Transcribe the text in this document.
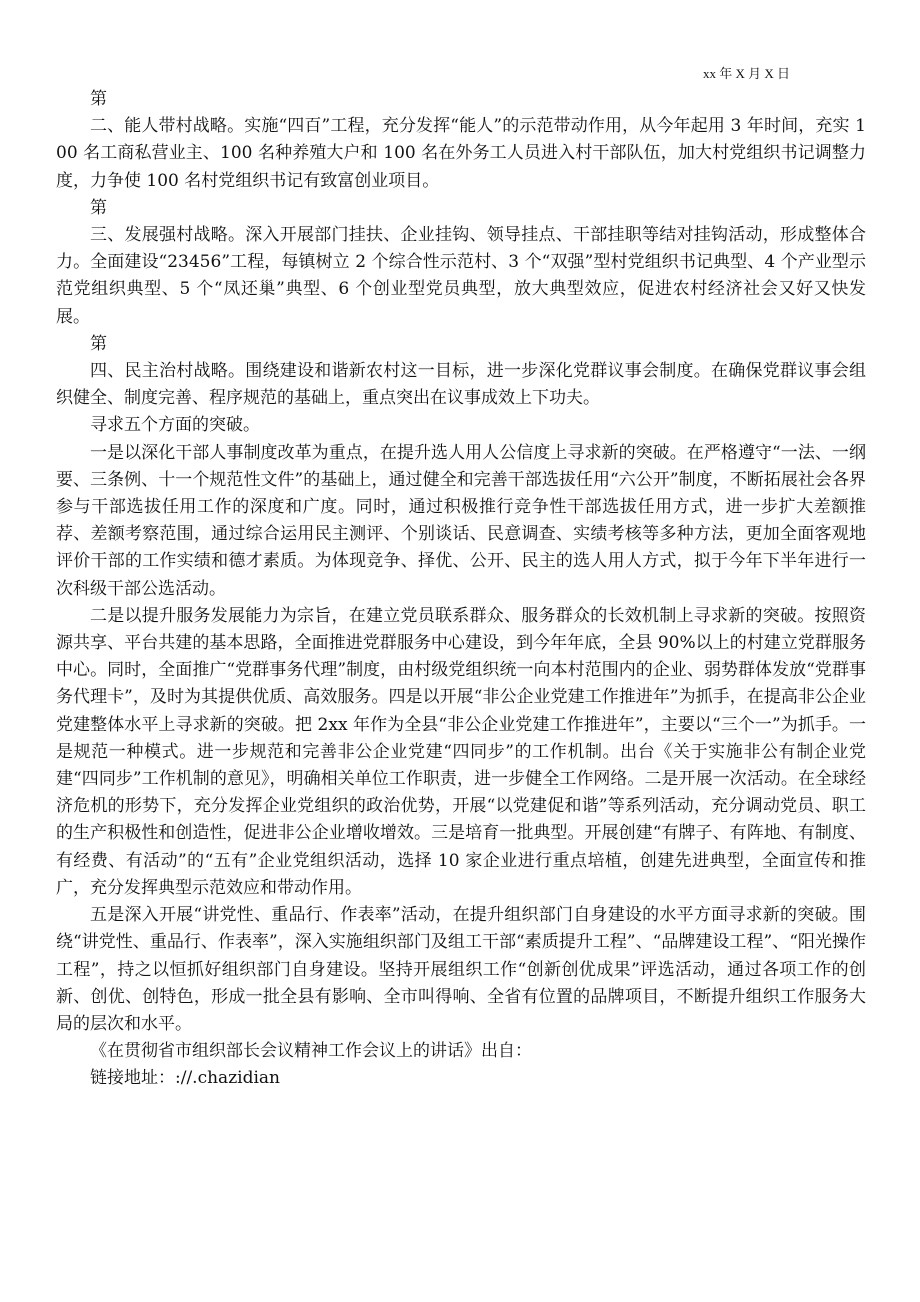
xx 年 X 月 X 日

第

二、能人带村战略。实施“四百”工程，充分发挥“能人”的示范带动作用，从今年起用 3 年时间，充实 100 名工商私营业主、100 名种养殖大户和 100 名在外务工人员进入村干部队伍，加大村党组织书记调整力度，力争使 100 名村党组织书记有致富创业项目。

第

三、发展强村战略。深入开展部门挂扶、企业挂钩、领导挂点、干部挂职等结对挂钩活动，形成整体合力。全面建设“23456”工程，每镇树立 2 个综合性示范村、3 个“双强”型村党组织书记典型、4 个产业型示范党组织典型、5 个“凤还巢”典型、6 个创业型党员典型，放大典型效应，促进农村经济社会又好又快发展。

第

四、民主治村战略。围绕建设和谐新农村这一目标，进一步深化党群议事会制度。在确保党群议事会组织健全、制度完善、程序规范的基础上，重点突出在议事成效上下功夫。

寻求五个方面的突破。

一是以深化干部人事制度改革为重点，在提升选人用人公信度上寻求新的突破。在严格遵守“一法、一纲要、三条例、十一个规范性文件”的基础上，通过健全和完善干部选拔任用“六公开”制度，不断拓展社会各界参与干部选拔任用工作的深度和广度。同时，通过积极推行竞争性干部选拔任用方式，进一步扩大差额推荐、差额考察范围，通过综合运用民主测评、个别谈话、民意调查、实绩考核等多种方法，更加全面客观地评价干部的工作实绩和德才素质。为体现竞争、择优、公开、民主的选人用人方式，拟于今年下半年进行一次科级干部公选活动。

二是以提升服务发展能力为宗旨，在建立党员联系群众、服务群众的长效机制上寻求新的突破。按照资源共享、平台共建的基本思路，全面推进党群服务中心建设，到今年年底，全县 90%以上的村建立党群服务中心。同时，全面推广“党群事务代理”制度，由村级党组织统一向本村范围内的企业、弱势群体发放“党群事务代理卡”，及时为其提供优质、高效服务。四是以开展“非公企业党建工作推进年”为抓手，在提高非公企业党建整体水平上寻求新的突破。把 2xx 年作为全县“非公企业党建工作推进年”，主要以“三个一”为抓手。一是规范一种模式。进一步规范和完善非公企业党建“四同步”的工作机制。出台《关于实施非公有制企业党建“四同步”工作机制的意见》，明确相关单位工作职责，进一步健全工作网络。二是开展一次活动。在全球经济危机的形势下，充分发挥企业党组织的政治优势，开展“以党建促和谐”等系列活动，充分调动党员、职工的生产积极性和创造性，促进非公企业增收增效。三是培育一批典型。开展创建“有牌子、有阵地、有制度、有经费、有活动”的“五有”企业党组织活动，选择 10 家企业进行重点培植，创建先进典型，全面宣传和推广，充分发挥典型示范效应和带动作用。

五是深入开展“讲党性、重品行、作表率”活动，在提升组织部门自身建设的水平方面寻求新的突破。围绕“讲党性、重品行、作表率”，深入实施组织部门及组工干部“素质提升工程”、“品牌建设工程”、“阳光操作工程”，持之以恒抓好组织部门自身建设。坚持开展组织工作“创新创优成果”评选活动，通过各项工作的创新、创优、创特色，形成一批全县有影响、全市叫得响、全省有位置的品牌项目，不断提升组织工作服务大局的层次和水平。

《在贯彻省市组织部长会议精神工作会议上的讲话》出自：

链接地址：://.chazidian
